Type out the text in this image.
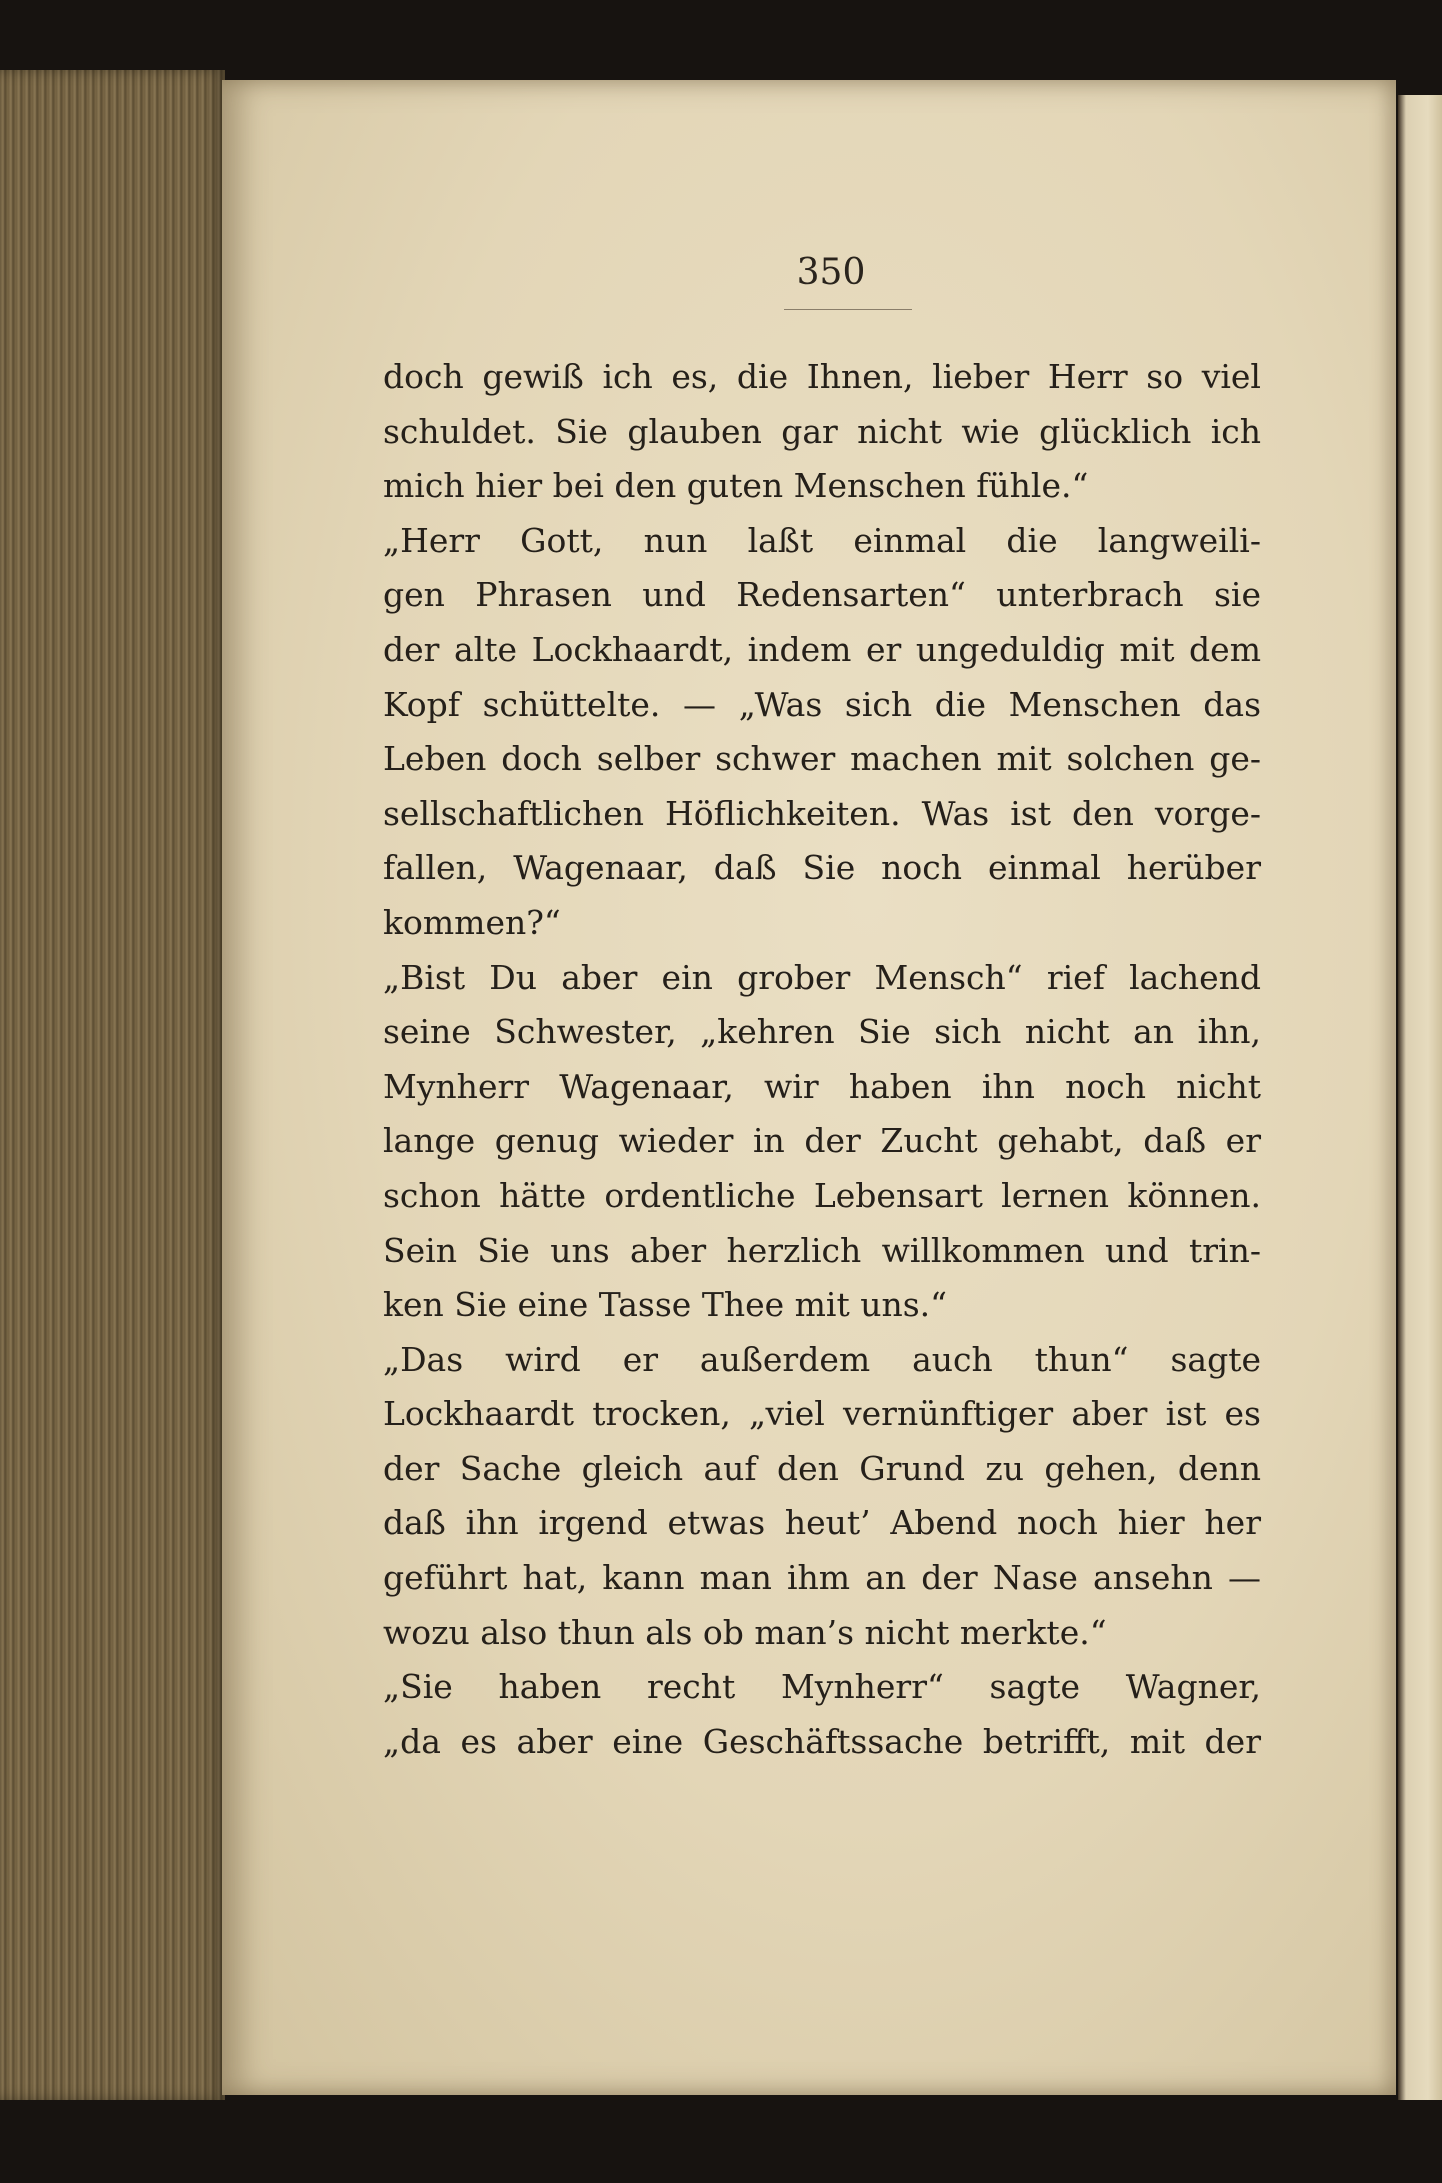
350
doch gewiß ich es, die Ihnen, lieber Herr so viel
schuldet. Sie glauben gar nicht wie glücklich ich
mich hier bei den guten Menschen fühle.“
„Herr Gott, nun laßt einmal die langweili-
gen Phrasen und Redensarten“ unterbrach sie
der alte Lockhaardt, indem er ungeduldig mit dem
Kopf schüttelte. — „Was sich die Menschen das
Leben doch selber schwer machen mit solchen ge-
sellschaftlichen Höflichkeiten. Was ist den vorge-
fallen, Wagenaar, daß Sie noch einmal herüber
kommen?“
„Bist Du aber ein grober Mensch“ rief lachend
seine Schwester, „kehren Sie sich nicht an ihn,
Mynherr Wagenaar, wir haben ihn noch nicht
lange genug wieder in der Zucht gehabt, daß er
schon hätte ordentliche Lebensart lernen können.
Sein Sie uns aber herzlich willkommen und trin-
ken Sie eine Tasse Thee mit uns.“
„Das wird er außerdem auch thun“ sagte
Lockhaardt trocken, „viel vernünftiger aber ist es
der Sache gleich auf den Grund zu gehen, denn
daß ihn irgend etwas heut’ Abend noch hier her
geführt hat, kann man ihm an der Nase ansehn —
wozu also thun als ob man’s nicht merkte.“
„Sie haben recht Mynherr“ sagte Wagner,
„da es aber eine Geschäftssache betrifft, mit der
